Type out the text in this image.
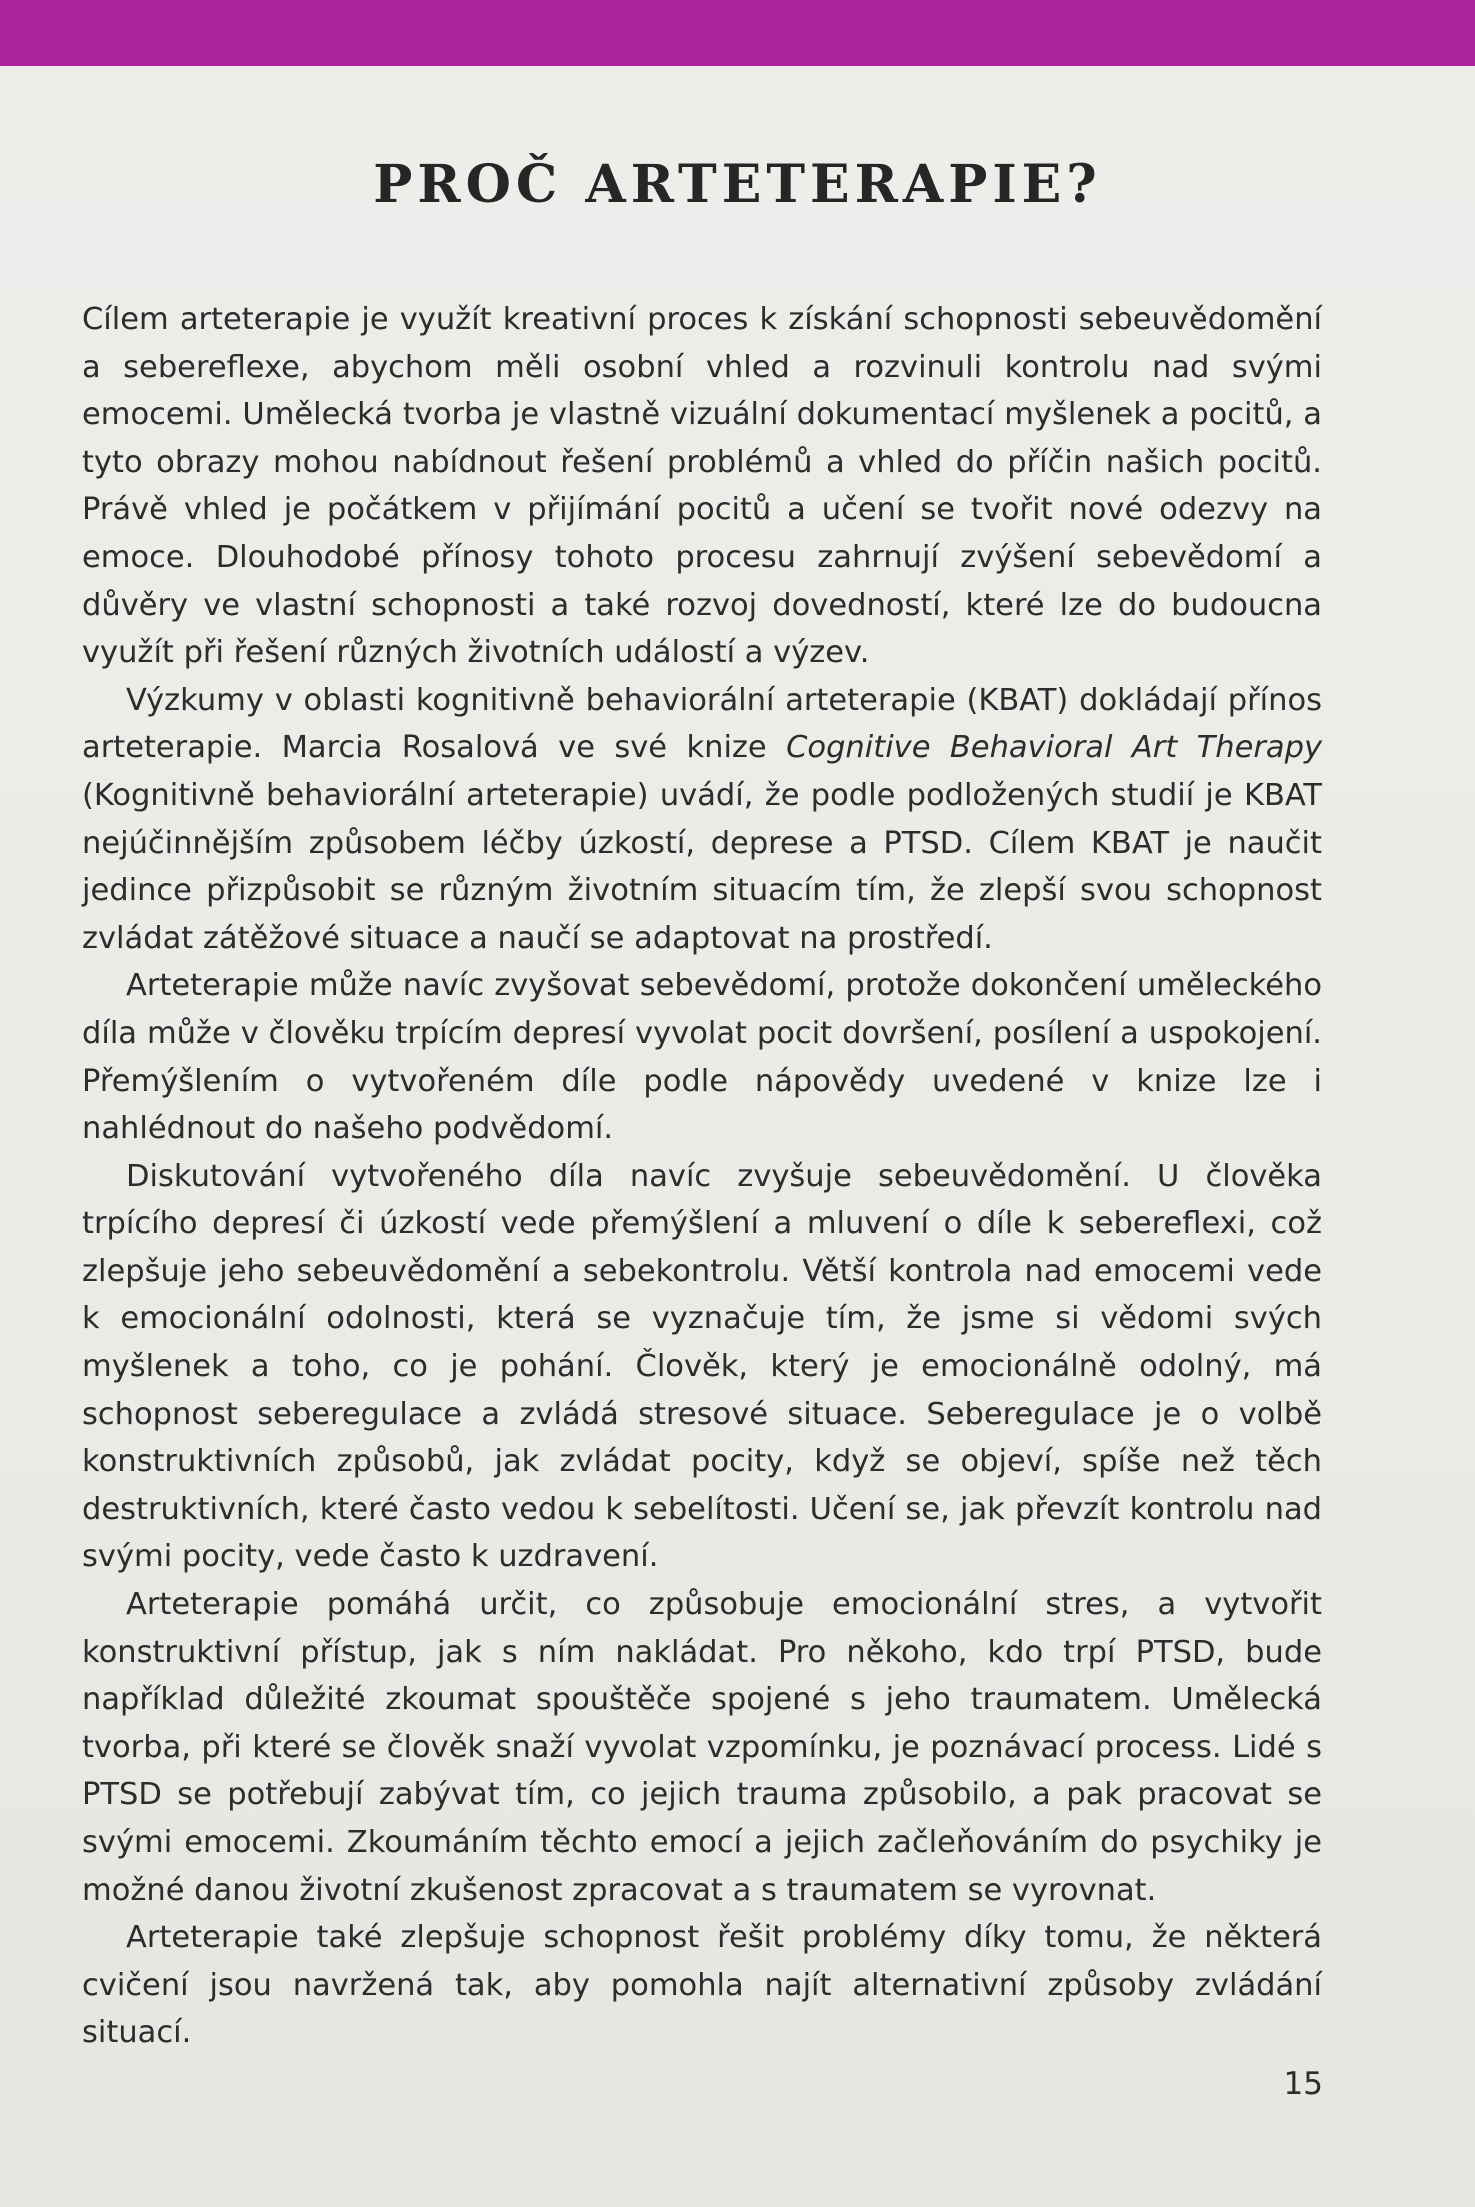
PROČ ARTETERAPIE?

Cílem arteterapie je využít kreativní proces k získání schopnosti sebeuvědomění a sebereflexe, abychom měli osobní vhled a rozvinuli kontrolu nad svými emocemi. Umělecká tvorba je vlastně vizuální dokumentací myšlenek a pocitů, a tyto obrazy mohou nabídnout řešení problémů a vhled do příčin našich pocitů. Právě vhled je počátkem v přijímání pocitů a učení se tvořit nové odezvy na emoce. Dlouhodobé přínosy tohoto procesu zahrnují zvýšení sebevědomí a důvěry ve vlastní schopnosti a také rozvoj dovedností, které lze do budoucna využít při řešení různých životních událostí a výzev.

Výzkumy v oblasti kognitivně behaviorální arteterapie (KBAT) dokládají přínos arteterapie. Marcia Rosalová ve své knize Cognitive Behavioral Art Therapy (Kognitivně behaviorální arteterapie) uvádí, že podle podložených studií je KBAT nejúčinnějším způsobem léčby úzkostí, deprese a PTSD. Cílem KBAT je naučit jedince přizpůsobit se různým životním situacím tím, že zlepší svou schopnost zvládat zátěžové situace a naučí se adaptovat na prostředí.

Arteterapie může navíc zvyšovat sebevědomí, protože dokončení uměleckého díla může v člověku trpícím depresí vyvolat pocit dovršení, posílení a uspokojení. Přemýšlením o vytvořeném díle podle nápovědy uvedené v knize lze i nahlédnout do našeho podvědomí.

Diskutování vytvořeného díla navíc zvyšuje sebeuvědomění. U člověka trpícího depresí či úzkostí vede přemýšlení a mluvení o díle k sebereflexi, což zlepšuje jeho sebeuvědomění a sebekontrolu. Větší kontrola nad emocemi vede k emocionální odolnosti, která se vyznačuje tím, že jsme si vědomi svých myšlenek a toho, co je pohání. Člověk, který je emocionálně odolný, má schopnost seberegulace a zvládá stresové situace. Seberegulace je o volbě konstruktivních způsobů, jak zvládat pocity, když se objeví, spíše než těch destruktivních, které často vedou k sebelítosti. Učení se, jak převzít kontrolu nad svými pocity, vede často k uzdravení.

Arteterapie pomáhá určit, co způsobuje emocionální stres, a vytvořit konstruktivní přístup, jak s ním nakládat. Pro někoho, kdo trpí PTSD, bude například důležité zkoumat spouštěče spojené s jeho traumatem. Umělecká tvorba, při které se člověk snaží vyvolat vzpomínku, je poznávací process. Lidé s PTSD se potřebují zabývat tím, co jejich trauma způsobilo, a pak pracovat se svými emocemi. Zkoumáním těchto emocí a jejich začleňováním do psychiky je možné danou životní zkušenost zpracovat a s traumatem se vyrovnat.

Arteterapie také zlepšuje schopnost řešit problémy díky tomu, že některá cvičení jsou navržená tak, aby pomohla najít alternativní způsoby zvládání situací.

15
